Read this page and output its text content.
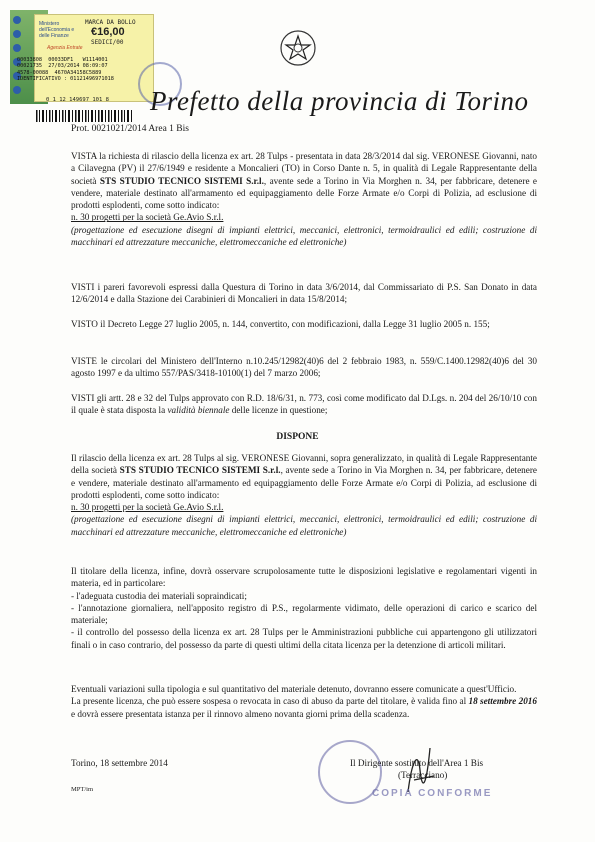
Ministero dell'Economia e delle Finanze
MARCA DA BOLLO
€16,00
SEDICI/00
Agenzia Entrate
00033808  00033DF1   W1114001
00021735  27/03/2014 08:09:07
4578-00088  4670A34158C5889
IDENTIFICATIVO : 01121496971018
0 1 12 149697 101 8 Prefetto della provincia di Torino
Prot. 0021021/2014 Area 1 Bis

VISTA la richiesta di rilascio della licenza ex art. 28 Tulps - presentata in data 28/3/2014 dal sig. VERONESE Giovanni, nato a Cilavegna (PV) il 27/6/1949 e residente a Moncalieri (TO) in Corso Dante n. 5, in qualità di Legale Rappresentante della società STS STUDIO TECNICO SISTEMI S.r.l., avente sede a Torino in Via Morghen n. 34, per fabbricare, detenere e vendere, materiale destinato all'armamento ed equipaggiamento delle Forze Armate e/o Corpi di Polizia, ad esclusione di prodotti esplodenti, come sotto indicato:

n. 30 progetti per la società Ge.Avio S.r.l.

(progettazione ed esecuzione disegni di impianti elettrici, meccanici, elettronici, termoidraulici ed edili; costruzione di macchinari ed attrezzature meccaniche, elettromeccaniche ed elettroniche)

VISTI i pareri favorevoli espressi dalla Questura di Torino in data 3/6/2014, dal Commissariato di P.S. San Donato in data 12/6/2014 e dalla Stazione dei Carabinieri di Moncalieri in data 15/8/2014;
VISTO il Decreto Legge 27 luglio 2005, n. 144, convertito, con modificazioni, dalla Legge 31 luglio 2005 n. 155;
VISTE le circolari del Ministero dell'Interno n.10.245/12982(40)6 del 2 febbraio 1983, n. 559/C.1400.12982(40)6 del 30 agosto 1997 e da ultimo 557/PAS/3418-10100(1) del 7 marzo 2006;

VISTI gli artt. 28 e 32 del Tulps approvato con R.D. 18/6/31, n. 773, così come modificato dal D.Lgs. n. 204 del 26/10/10 con il quale è stata disposta la validità biennale delle licenze in questione;

DISPONE

Il rilascio della licenza ex art. 28 Tulps al sig. VERONESE Giovanni, sopra generalizzato, in qualità di Legale Rappresentante della società STS STUDIO TECNICO SISTEMI S.r.l., avente sede a Torino in Via Morghen n. 34, per fabbricare, detenere e vendere, materiale destinato all'armamento ed equipaggiamento delle Forze Armate e/o Corpi di Polizia, ad esclusione di prodotti esplodenti, come sotto indicato:

n. 30 progetti per la società Ge.Avio S.r.l.

(progettazione ed esecuzione disegni di impianti elettrici, meccanici, elettronici, termoidraulici ed edili; costruzione di macchinari ed attrezzature meccaniche, elettromeccaniche ed elettroniche)

Il titolare della licenza, infine, dovrà osservare scrupolosamente tutte le disposizioni legislative e regolamentari vigenti in materia, ed in particolare:

- l'adeguata custodia dei materiali sopraindicati;

- l'annotazione giornaliera, nell'apposito registro di P.S., regolarmente vidimato, delle operazioni di carico e scarico del materiale;

- il controllo del possesso della licenza ex art. 28 Tulps per le Amministrazioni pubbliche cui appartengono gli utilizzatori finali o in caso contrario, del possesso da parte di questi ultimi della citata licenza per la detenzione di articoli militari.

Eventuali variazioni sulla tipologia e sul quantitativo del materiale detenuto, dovranno essere comunicate a quest'Ufficio.

La presente licenza, che può essere sospesa o revocata in caso di abuso da parte del titolare, è valida fino al 18 settembre 2016 e dovrà essere presentata istanza per il rinnovo almeno novanta giorni prima della scadenza.

Torino, 18 settembre 2014
MPT/im
Il Dirigente sostituto dell'Area 1 Bis
(Terracciano)
COPIA CONFORME
